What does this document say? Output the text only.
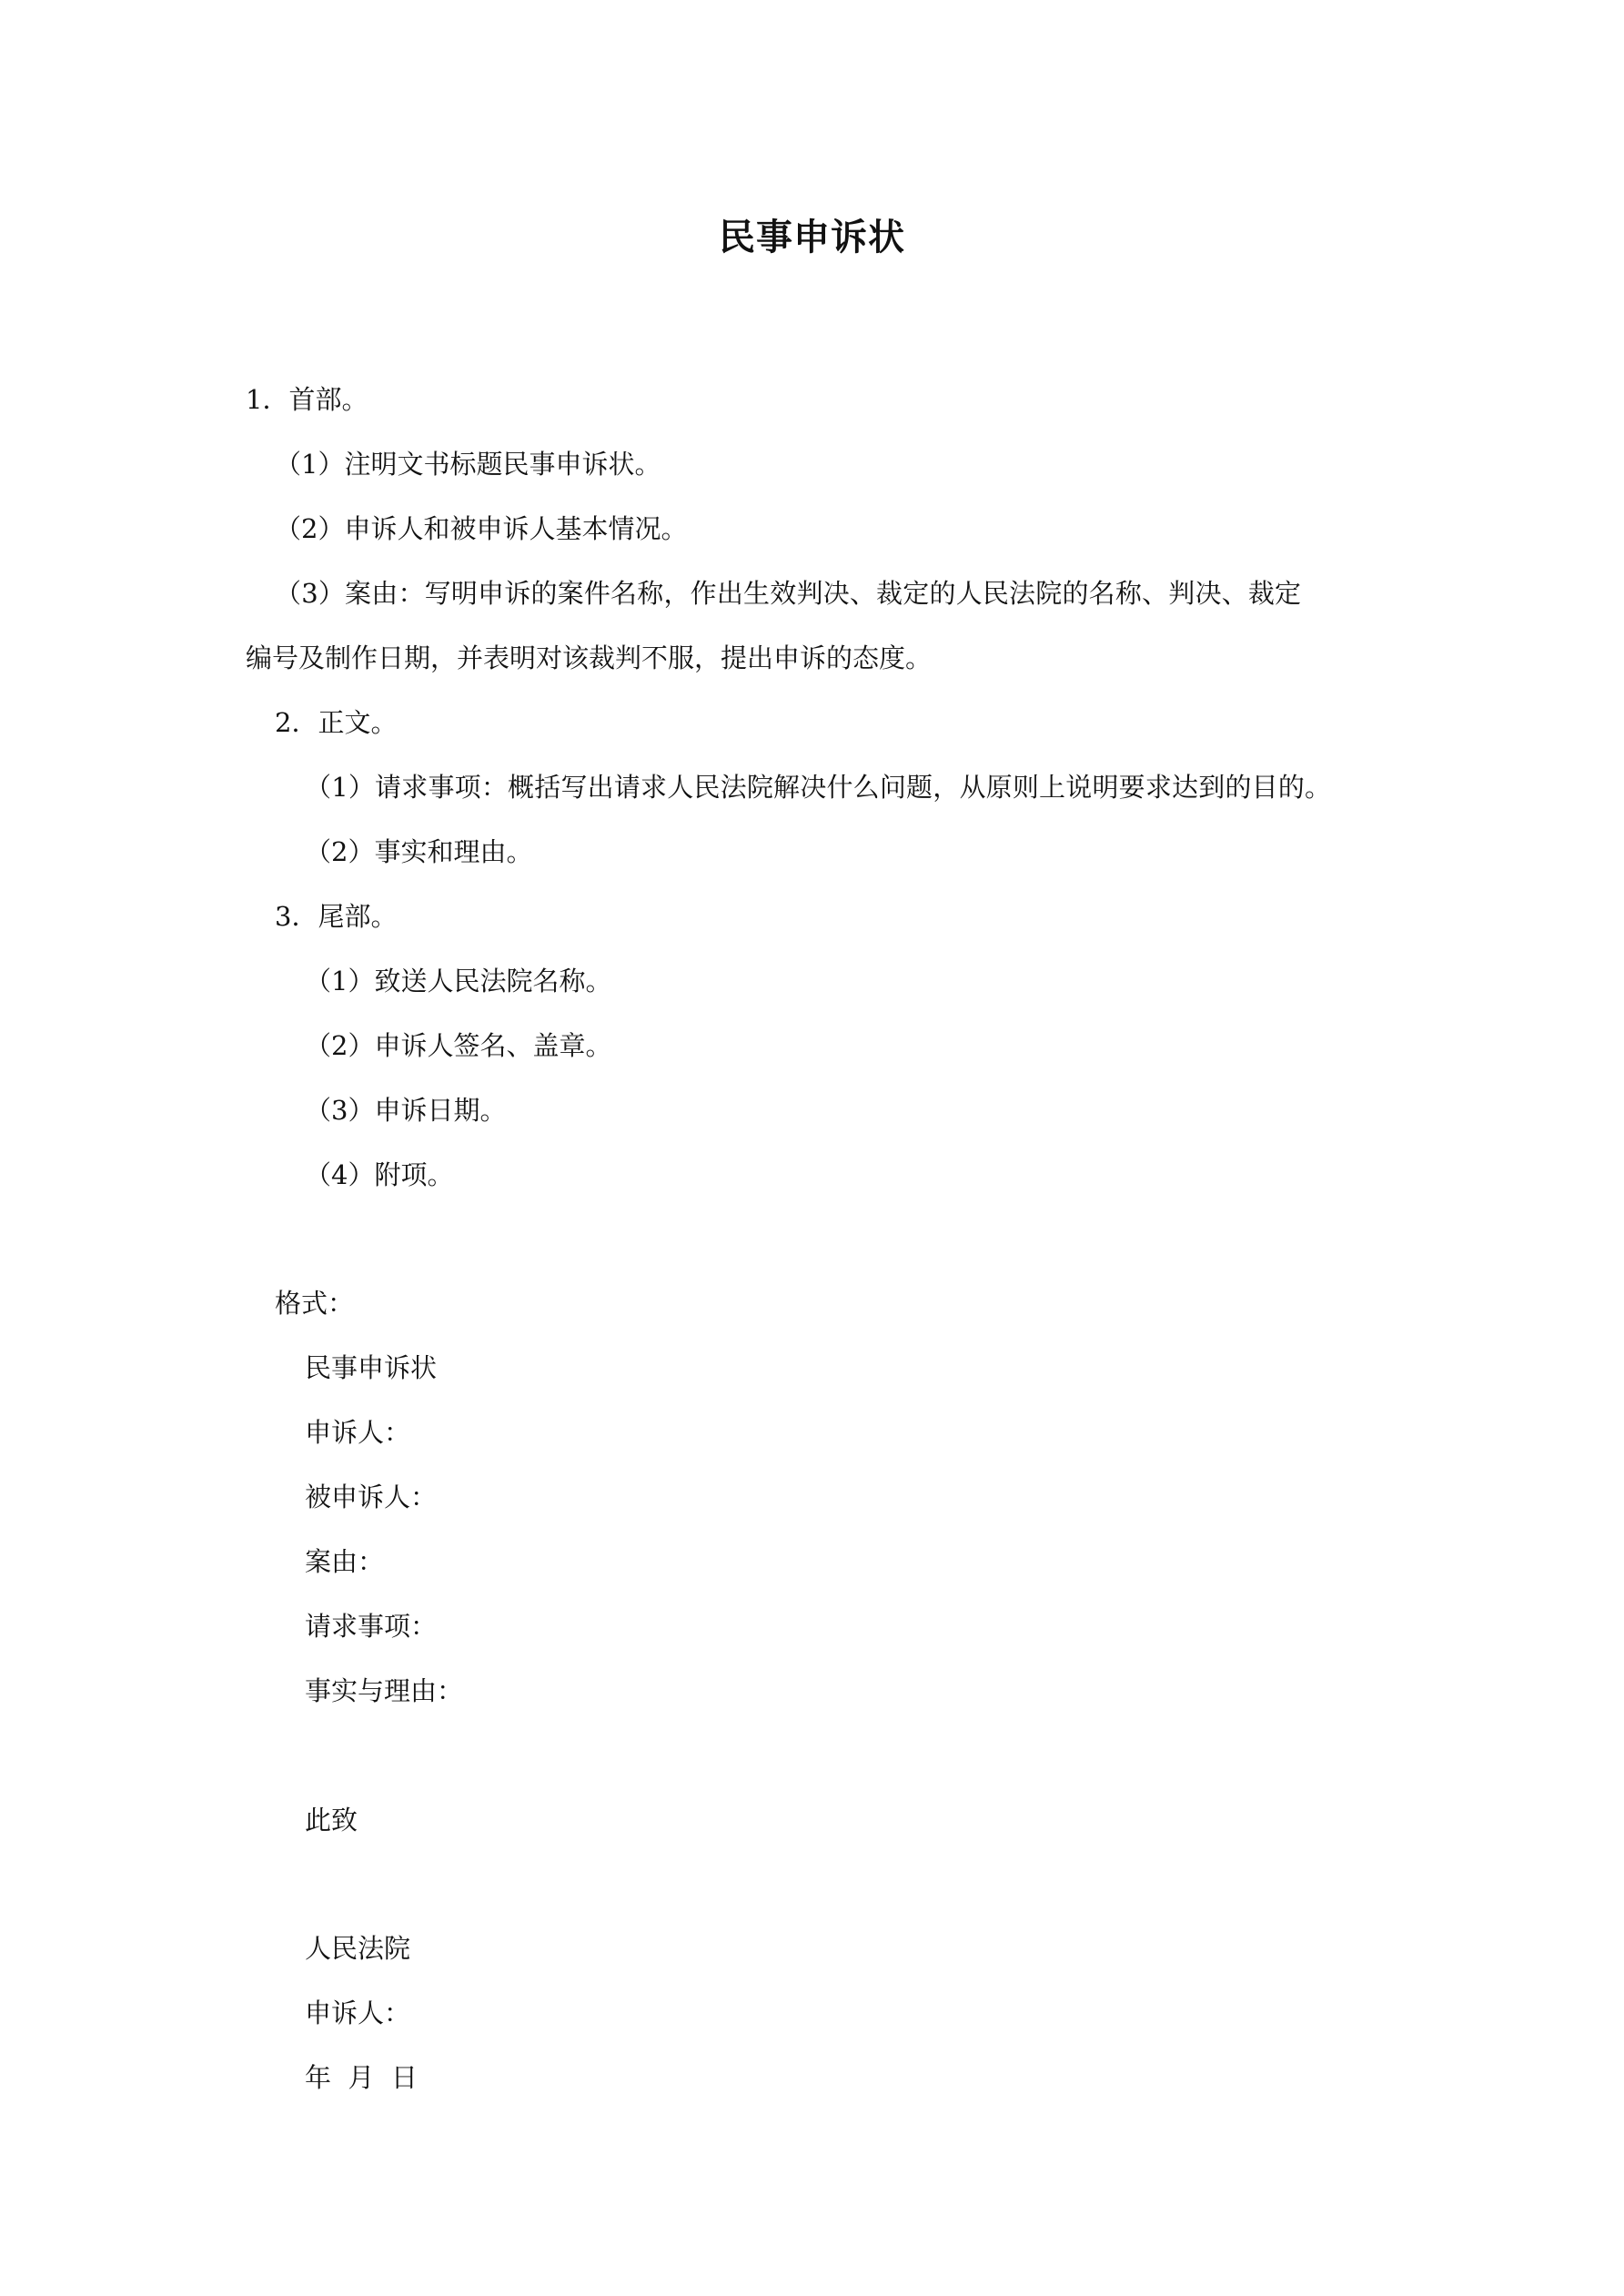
民事申诉状
1．首部。
（1）注明文书标题民事申诉状。
（2）申诉人和被申诉人基本情况。
（3）案由：写明申诉的案件名称，作出生效判决、裁定的人民法院的名称、判决、裁定
编号及制作日期，并表明对该裁判不服，提出申诉的态度。
2．正文。
（1）请求事项：概括写出请求人民法院解决什么问题，从原则上说明要求达到的目的。
（2）事实和理由。
3．尾部。
（1）致送人民法院名称。
（2）申诉人签名、盖章。
（3）申诉日期。
（4）附项。
格式：
民事申诉状
申诉人：
被申诉人：
案由：
请求事项：
事实与理由：
此致
人民法院
申诉人：
年  月  日
